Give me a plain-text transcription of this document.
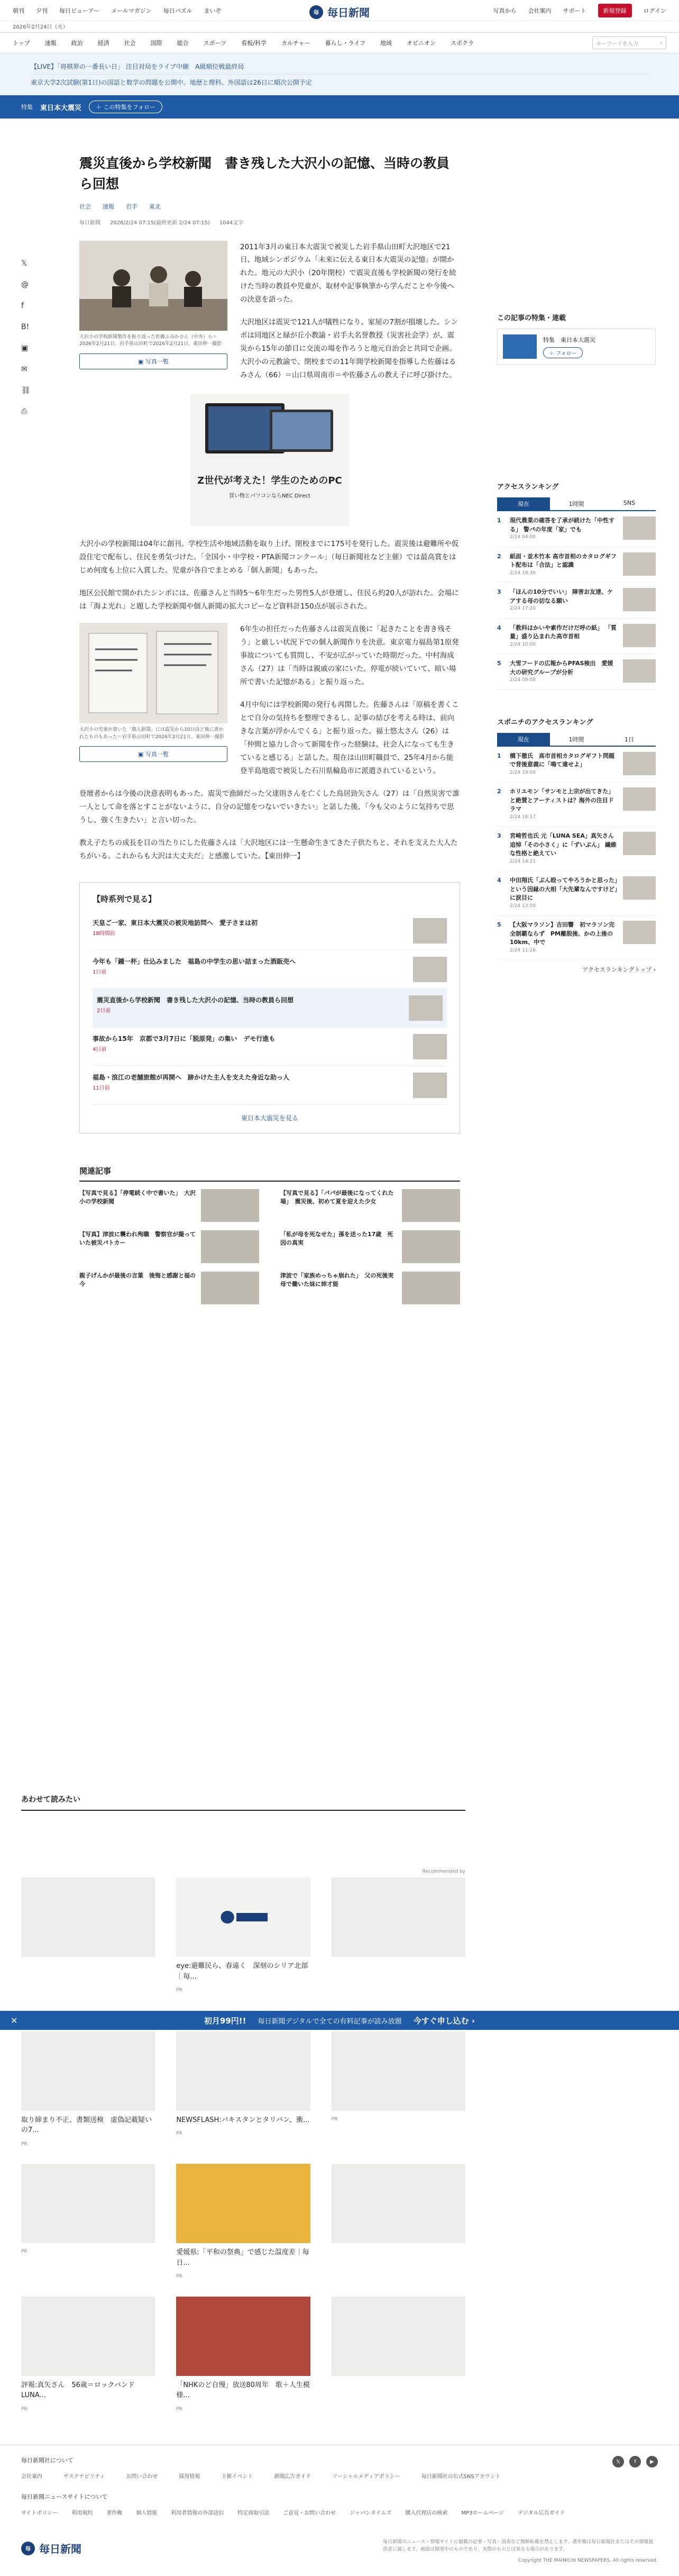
朝刊 夕刊 毎日ビューアー メールマガジン 毎日パズル まいぞ	毎 毎日新聞	写真から 会社案内 サポート	新規登録	ログイン
2026年2月24日（火）
トップ	速報	政治	経済	社会	国際	総合	スポーツ	看板/科学	カルチャー	暮らし・ライフ	地域	オピニオン	スポクラ	キーワードを入力	⌕
【LIVE】「将棋界の一番長い日」 注目対局をライブ中継　A級順位戦最終局
東京大学2次試験(第1日)の国語と数学の問題を公開中。地歴と理科、外国語は26日に順次公開予定
特集 東日本大震災	＋ この特集をフォロー
𝕏
@
f
B!
▣
✉
⛓
⎙
震災直後から学校新聞　書き残した大沢小の記憶、当時の教員ら回想
社会 速報 岩手 東北
毎日新聞 2026/2/24 07:15(最終更新 2/24 07:15) 1044文字
大沢小の学校新聞製作を振り返った佐藤ふみかさん（中央）ら＝2026年2月21日、岩手県山田町で2026年2月21日、東田伸一撮影
▣ 写真一覧

2011年3月の東日本大震災で被災した岩手県山田町大沢地区で21日、地域シンポジウム「未来に伝える東日本大震災の記憶」が開かれた。地元の大沢小（20年閉校）で震災直後も学校新聞の発行を続けた当時の教員や児童が、取材や記事執筆から学んだことや今後への決意を語った。

大沢地区は震災で121人が犠牲になり、家屋の7割が損壊した。シンポは同地区と緑が丘小教諭・岩手大名誉教授（災害社会学）が、震災から15年の節目に交流の場を作ろうと地元自治会と共同で企画。大沢小の元教諭で、閉校までの11年間学校新聞を指導した佐藤はるみさん（66）＝山口県周南市＝や佐藤さんの教え子に呼び掛けた。

Z世代が考えた！学生のためのPC
買い物とパソコンならNEC Direct

大沢小の学校新聞は04年に創刊。学校生活や地域活動を取り上げ、閉校までに175号を発行した。震災後は避難所や仮設住宅で配布し、住民を勇気づけた。「全国小・中学校・PTA新聞コンクール」（毎日新聞社など主催）では最高賞をはじめ何度も上位に入賞した。児童が各自でまとめる「個人新聞」もあった。

地区公民館で開かれたシンポには、佐藤さんと当時5〜6年生だった男性5人が登壇し、住民ら約20人が訪れた。会場には「海よ光れ」と題した学校新聞や個人新聞の拡大コピーなど資料計150点が展示された。

大沢小の児童が書いた「個人新聞」には震災から10日ほど後に書かれたものもあった＝岩手県山田町で2026年2月21日、東田伸一撮影
▣ 写真一覧

6年生の担任だった佐藤さんは震災直後に「起きたことを書き残そう」と厳しい状況下での個人新聞作りを決意。東京電力福島第1原発事故についても質問し、不安が広がっていた時期だった。中村海成さん（27）は「当時は親戚の家にいた。停電が続いていて、暗い場所で書いた記憶がある」と振り返った。

4月中旬には学校新聞の発行も再開した。佐藤さんは「原稿を書くことで自分の気持ちを整理できるし、記事の結びを考える時は、前向きな言葉が浮かんでくる」と振り返った。福士悠太さん（26）は「仲間と協力し合って新聞を作った経験は、社会人になっても生きていると感じる」と話した。現在は山田町職員で、25年4月から能登半島地震で被災した石川県輪島市に派遣されているという。

登壇者からは今後の決意表明もあった。震災で漁師だった父達則さんを亡くした鳥居勁矢さん（27）は「自然災害で誰一人として命を落とすことがないように、自分の記憶をつないでいきたい」と話した後、「今も父のように気持ちで思うし、強く生きたい」と言い切った。

教え子たちの成長を目の当たりにした佐藤さんは「大沢地区には一生懸命生きてきた子供たちと、それを支えた大人たちがいる。これからも大沢は大丈夫だ」と感激していた。【東田伸一】

【時系列で見る】
天皇ご一家、東日本大震災の被災地訪問へ　愛子さまは初
18時間前
今年も「鍾一杯」仕込みました　福島の中学生の思い詰まった酒販売へ
1日前
震災直後から学校新聞　書き残した大沢小の記憶、当時の教員ら回想
2日前
事故から15年　京都で3月7日に「脱原発」の集い　デモ行進も
4日前
福島・浪江の老舗旅館が再開へ　跡かけた主人を支えた身近な助っ人
11日前
東日本大震災を見る
関連記事
【写真で見る】「停電続く中で書いた」　大沢小の学校新聞
【写真で見る】「パパが最後になってくれた場」　震災後、初めて夏を迎えた少女
【写真】津波に襲われ殉職　警察官が撮っていた被災パトカー
「私が母を死なせた」孫を送った17歳　死因の真実
親子げんかが最後の言葉　後悔と感謝と福の今
津波で「家族めっちゃ崩れた」　父の死後実母で働いた妹に姉才能
この記事の特集・連載
特集　東日本大震災
＋ フォロー
アクセスランキング
現在	1時間	SNS
1	現代農業の確答を了承が続けた「中性する」 警パの年度「家」でも
2/24 04:00
2	紙面・並木竹本 高市首相のカタログギフト配布は「合法」と認識
2/24 18:36
3	「ほんの10分でいい」 障害お友達、ケアする母の切なる願い
2/24 17:20
4	「教科はかいや素作だけだ呼の紙」 「質量」盛り込まれた高市首相
2/24 10:00
5	大雪フードの広報からPFAS検出　愛媛大の研究グループが分析
2/24 09:00
スポニチのアクセスランキング
現在	1時間	1日
1	橋下徹氏　高市首相カタログギフト問題で背後意義に「鳴て違せよ」
2/24 19:00
2	ホリエモン「サンモと上宗が出てきた」と絶賛とアーティストは？海外の注目ドラマ
2/24 16:17
3	宮崎哲也氏 元「LUNA SEA」真矢さん追悼「その小さく」に「ずいぶん」 繊維な性格と絶えてい
2/24 14:21
4	中田翔氏「ぶん殴ってやろうかと思った」という因縁の大相「大先輩なんですけど」に涙目に
2/24 13:50
5	【大阪マラソン】吉田響　初マラソン完全制覇ならず　PM離脱後、かの上後の10km、中で
2/24 11:16
アクセスランキングトップ ›
あわせて読みたい
Recommended by
eye:避難民ら、春遠く　深刻のシリア北部｜毎...
PR
取り締まり不正、書類送検　虚偽記載疑いの7...
PR
NEWSFLASH:パキスタンとタリバン、衝...
PR
PR
PR	愛媛県:「平和の祭典」で感じた温度差｜毎日...
PR
評報:真矢さん　56歳＝ロックバンドLUNA...
PR
「NHKのど自慢」放送80周年　歌＋人生模様...
PR
✕	初月99円!! 毎日新聞デジタルで全ての有料記事が読み放題 今すぐ申し込む ›
毎日新聞社について
会社案内	サステナビリティ	お問い合わせ	採用情報	主催イベント	新聞広告ガイド	ソーシャルメディアポリシー	毎日新聞社の公式SNSアカウント
毎日新聞ニュースサイトについて
サイトポリシー	利用規約	著作権	個人情報	利用者情報の外部送信	特定商取引法	ご意見・お問い合わせ	ジャパンタイムズ	購入代理店の検索	MP3ホームページ	デジタル広告ガイド
𝕏	f	▶
毎 毎日新聞
毎日新聞のニュース・情報サイトに掲載の記事・写真・図表など無断転載を禁止します。著作権は毎日新聞社またはその情報提供者に属します。画面は開発中のものであり、実際のものとは異なる場合があります。
Copyright THE MAINICHI NEWSPAPERS. All rights reserved.
